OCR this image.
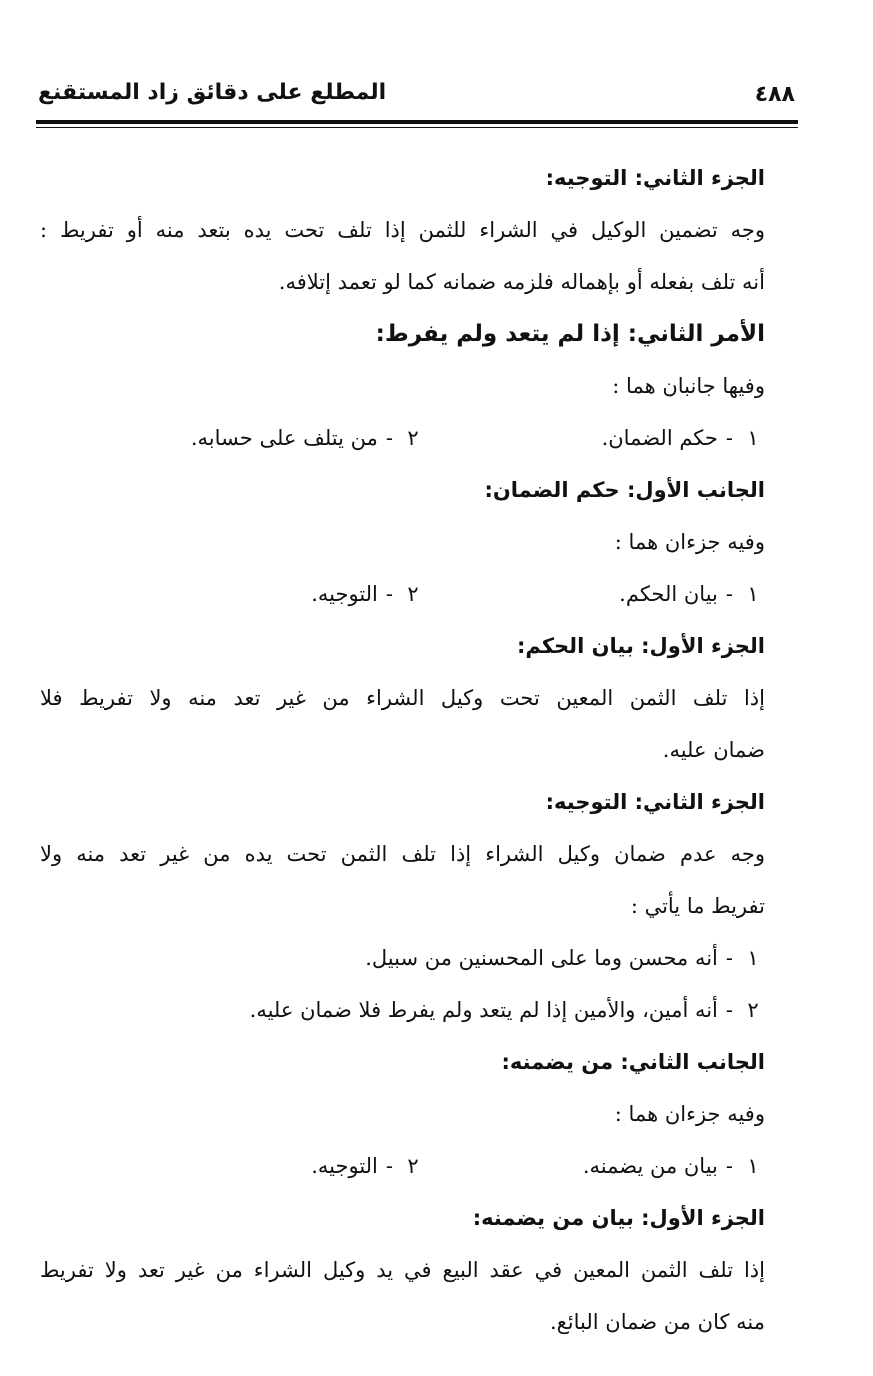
المطلع على دقائق زاد المستقنع	٤٨٨
الجزء الثاني: التوجيه:
وجه تضمين الوكيل في الشراء للثمن إذا تلف تحت يده بتعد منه أو تفريط :
أنه تلف بفعله أو بإهماله فلزمه ضمانه كما لو تعمد إتلافه.
الأمر الثاني: إذا لم يتعد ولم يفرط:
وفيها جانبان هما :
١-حكم الضمان.
٢-من يتلف على حسابه.
الجانب الأول: حكم الضمان:
وفيه جزءان هما :
١-بيان الحكم.
٢-التوجيه.
الجزء الأول: بيان الحكم:
إذا تلف الثمن المعين تحت وكيل الشراء من غير تعد منه ولا تفريط فلا
ضمان عليه.
الجزء الثاني: التوجيه:
وجه عدم ضمان وكيل الشراء إذا تلف الثمن تحت يده من غير تعد منه ولا
تفريط ما يأتي :
١-أنه محسن وما على المحسنين من سبيل.
٢-أنه أمين، والأمين إذا لم يتعد ولم يفرط فلا ضمان عليه.
الجانب الثاني: من يضمنه:
وفيه جزءان هما :
١-بيان من يضمنه.
٢-التوجيه.
الجزء الأول: بيان من يضمنه:
إذا تلف الثمن المعين في عقد البيع في يد وكيل الشراء من غير تعد ولا تفريط
منه كان من ضمان البائع.
